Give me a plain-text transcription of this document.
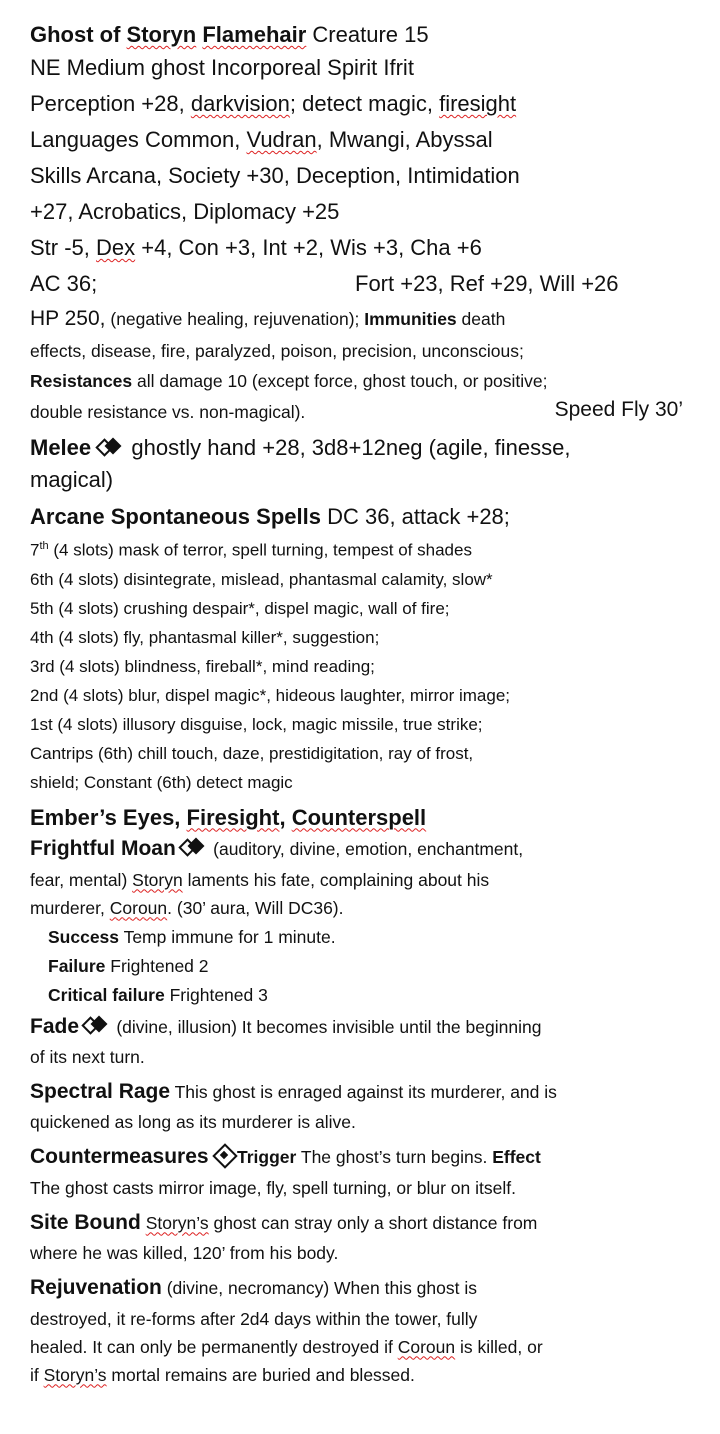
Ghost of Storyn Flamehair Creature 15
NE Medium ghost Incorporeal Spirit Ifrit
Perception +28, darkvision; detect magic, firesight
Languages Common, Vudran, Mwangi, Abyssal
Skills Arcana, Society +30, Deception, Intimidation
+27, Acrobatics, Diplomacy +25
Str -5, Dex +4, Con +3, Int +2, Wis +3, Cha +6
AC 36;	Fort +23, Ref +29, Will +26
HP 250, (negative healing, rejuvenation); Immunities death
effects, disease, fire, paralyzed, poison, precision, unconscious;
Resistances all damage 10 (except force, ghost touch, or positive;
double resistance vs. non-magical).	Speed Fly 30’
Melee
ghostly hand +28, 3d8+12neg (agile, finesse,
magical)
Arcane Spontaneous Spells DC 36, attack +28;
7th (4 slots) mask of terror, spell turning, tempest of shades
6th (4 slots) disintegrate, mislead, phantasmal calamity, slow*
5th (4 slots) crushing despair*, dispel magic, wall of fire;
4th (4 slots) fly, phantasmal killer*, suggestion;
3rd (4 slots) blindness, fireball*, mind reading;
2nd (4 slots) blur, dispel magic*, hideous laughter, mirror image;
1st (4 slots) illusory disguise, lock, magic missile, true strike;
Cantrips (6th) chill touch, daze, prestidigitation, ray of frost,
shield; Constant (6th) detect magic
Ember’s Eyes, Firesight, Counterspell
Frightful Moan
(auditory, divine, emotion, enchantment,
fear, mental) Storyn laments his fate, complaining about his
murderer, Coroun. (30’ aura, Will DC36).
Success Temp immune for 1 minute.
Failure Frightened 2
Critical failure Frightened 3
Fade
(divine, illusion) It becomes invisible until the beginning
of its next turn.
Spectral Rage This ghost is enraged against its murderer, and is
quickened as long as its murderer is alive.
Countermeasures Trigger The ghost’s turn begins. Effect
The ghost casts mirror image, fly, spell turning, or blur on itself.
Site Bound Storyn’s ghost can stray only a short distance from
where he was killed, 120’ from his body.
Rejuvenation (divine, necromancy) When this ghost is
destroyed, it re-forms after 2d4 days within the tower, fully
healed. It can only be permanently destroyed if Coroun is killed, or
if Storyn’s mortal remains are buried and blessed.
